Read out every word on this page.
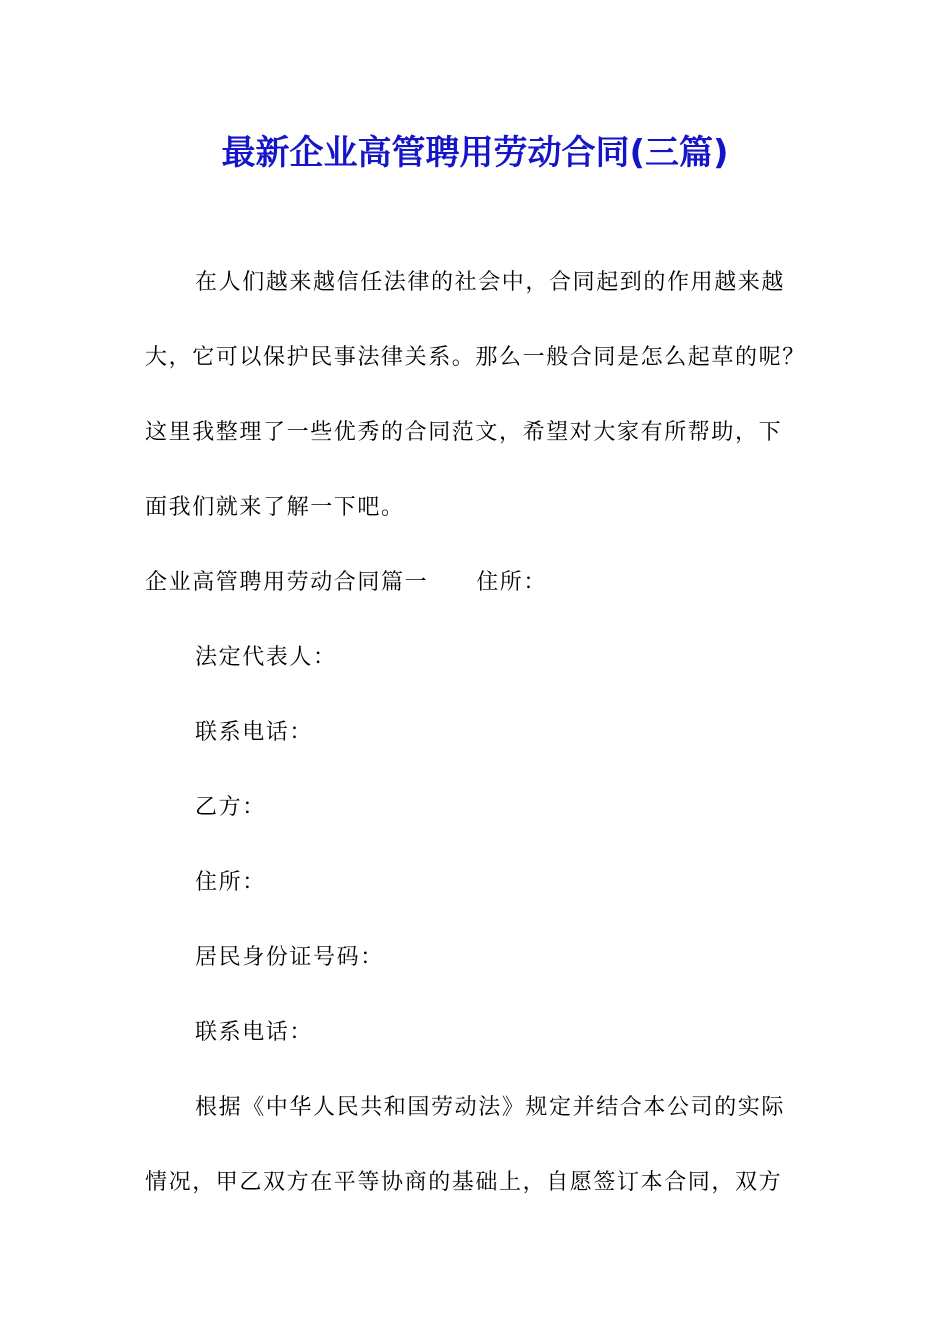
最新企业高管聘用劳动合同(三篇)
在人们越来越信任法律的社会中，合同起到的作用越来越
大，它可以保护民事法律关系。那么一般合同是怎么起草的呢？
这里我整理了一些优秀的合同范文，希望对大家有所帮助，下
面我们就来了解一下吧。
企业高管聘用劳动合同篇一 住所：
法定代表人：
联系电话：
乙方：
住所：
居民身份证号码：
联系电话：
根据《中华人民共和国劳动法》规定并结合本公司的实际
情况，甲乙双方在平等协商的基础上，自愿签订本合同，双方
